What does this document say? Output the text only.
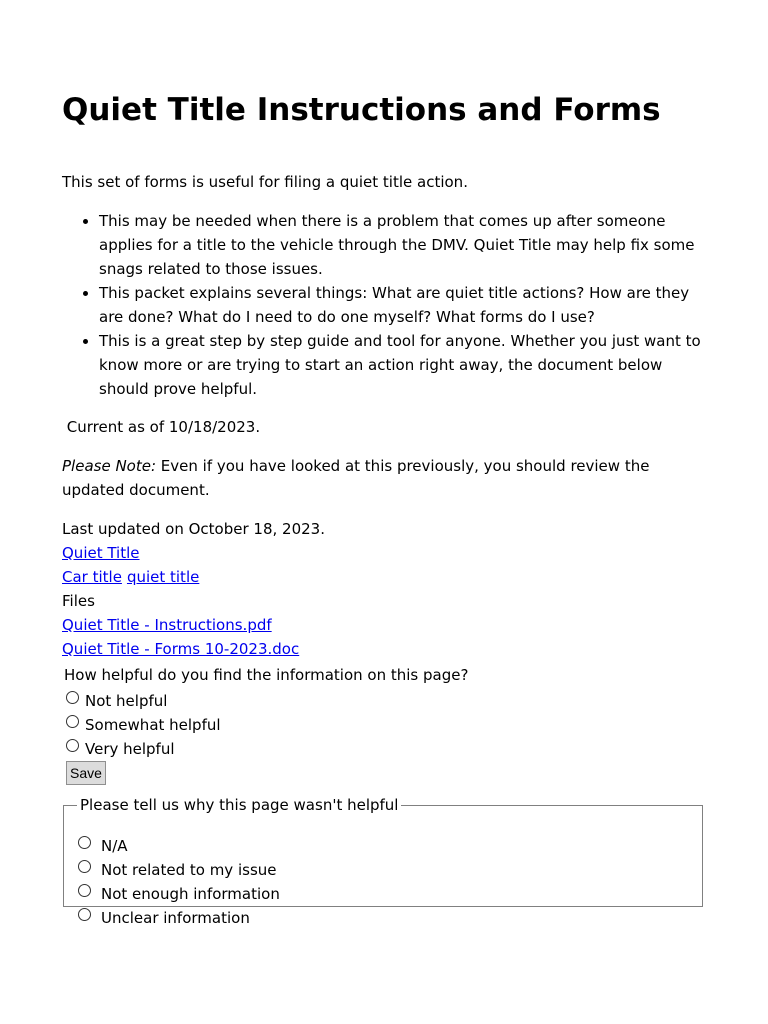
Quiet Title Instructions and Forms

This set of forms is useful for filing a quiet title action.

• This may be needed when there is a problem that comes up after someone applies for a title to the vehicle through the DMV. Quiet Title may help fix some snags related to those issues.
• This packet explains several things: What are quiet title actions? How are they are done? What do I need to do one myself? What forms do I use?
• This is a great step by step guide and tool for anyone. Whether you just want to know more or are trying to start an action right away, the document below should prove helpful.

Current as of 10/18/2023.

Please Note: Even if you have looked at this previously, you should review the updated document.

Last updated on October 18, 2023.
Quiet Title
Car title quiet title
Files
Quiet Title - Instructions.pdf
Quiet Title - Forms 10-2023.doc
How helpful do you find the information on this page?
Not helpful
Somewhat helpful
Very helpful
Save
Please tell us why this page wasn't helpful
N/A
Not related to my issue
Not enough information
Unclear information
